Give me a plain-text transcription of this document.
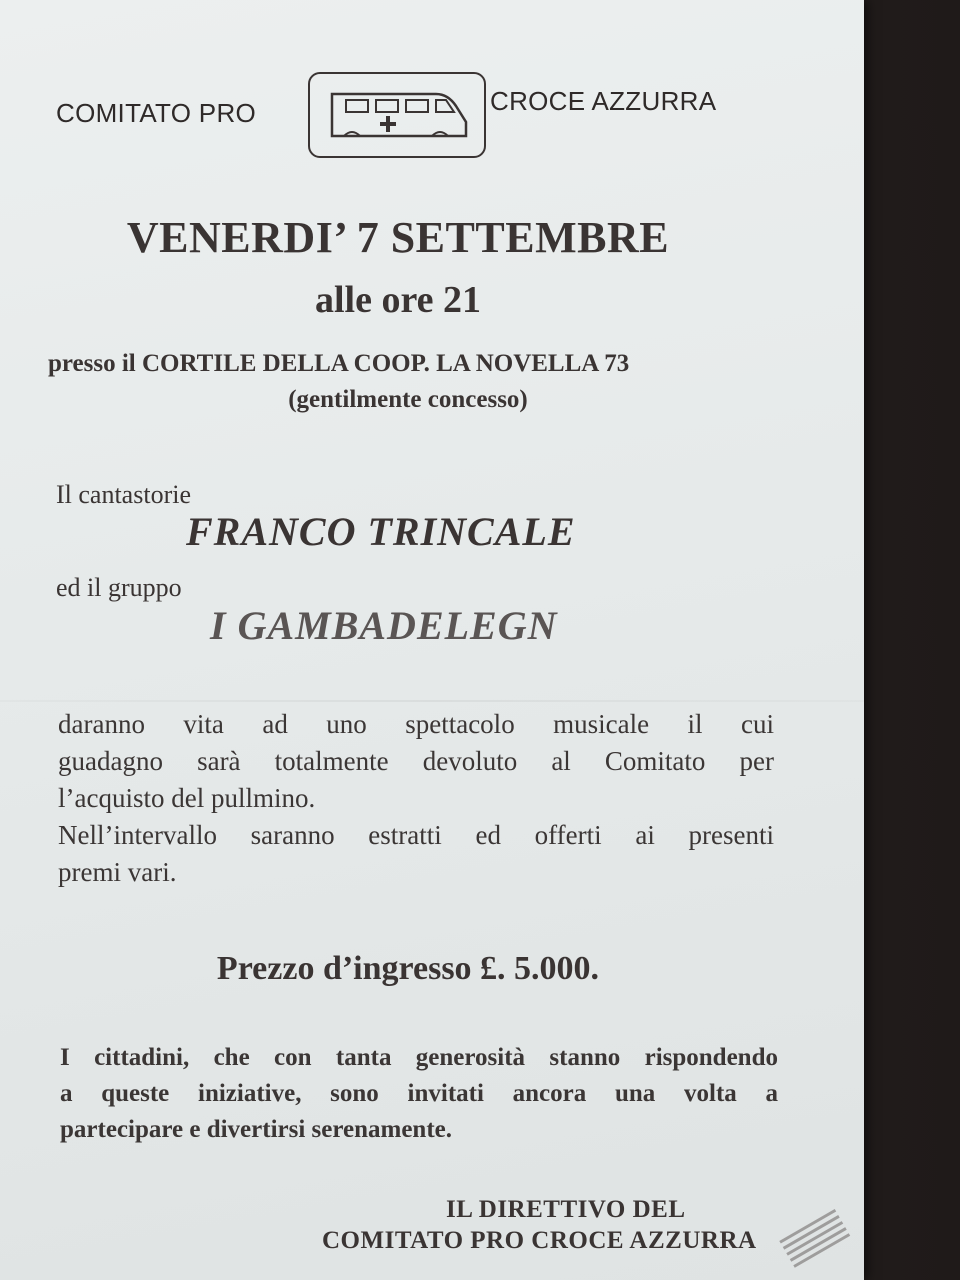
COMITATO PRO	CROCE AZZURRA
VENERDI’ 7 SETTEMBRE
alle ore 21
presso il CORTILE DELLA COOP. LA NOVELLA 73
(gentilmente concesso)
Il cantastorie
FRANCO TRINCALE
ed il gruppo
I GAMBADELEGN

daranno vita ad uno spettacolo musicale il cui

guadagno sarà totalmente devoluto al Comitato per

l’acquisto del pullmino.

Nell’intervallo saranno estratti ed offerti ai presenti

premi vari.

Prezzo d’ingresso £. 5.000.

I cittadini, che con tanta generosità stanno rispondendo

a queste iniziative, sono invitati ancora una volta a

partecipare e divertirsi serenamente.

IL DIRETTIVO DEL
COMITATO PRO CROCE AZZURRA
